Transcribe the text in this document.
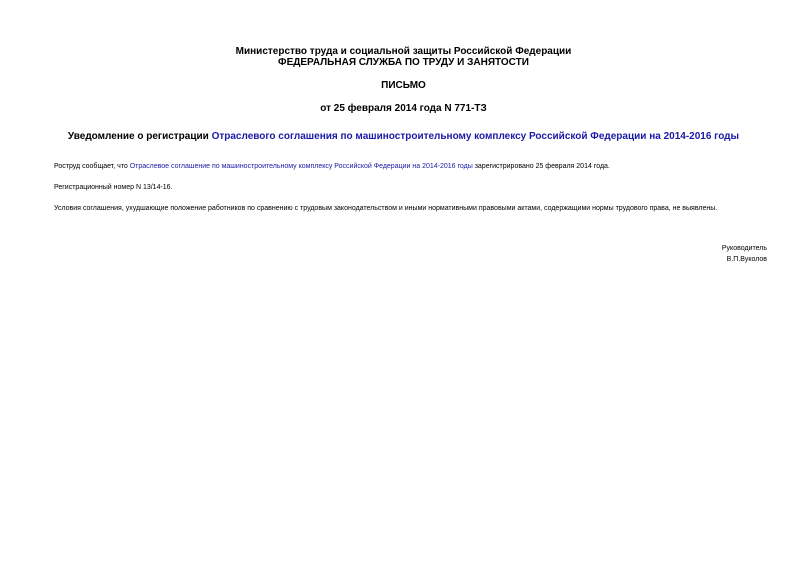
Министерство труда и социальной защиты Российской Федерации
ФЕДЕРАЛЬНАЯ СЛУЖБА ПО ТРУДУ И ЗАНЯТОСТИ
ПИСЬМО
от 25 февраля 2014 года N 771-ТЗ
Уведомление о регистрации Отраслевого соглашения по машиностроительному комплексу Российской Федерации на 2014-2016 годы
Роструд сообщает, что Отраслевое соглашение по машиностроительному комплексу Российской Федерации на 2014-2016 годы зарегистрировано 25 февраля 2014 года.
Регистрационный номер N 13/14-16.
Условия соглашения, ухудшающие положение работников по сравнению с трудовым законодательством и иными нормативными правовыми актами, содержащими нормы трудового права, не выявлены.
Руководитель
В.П.Вуколов
